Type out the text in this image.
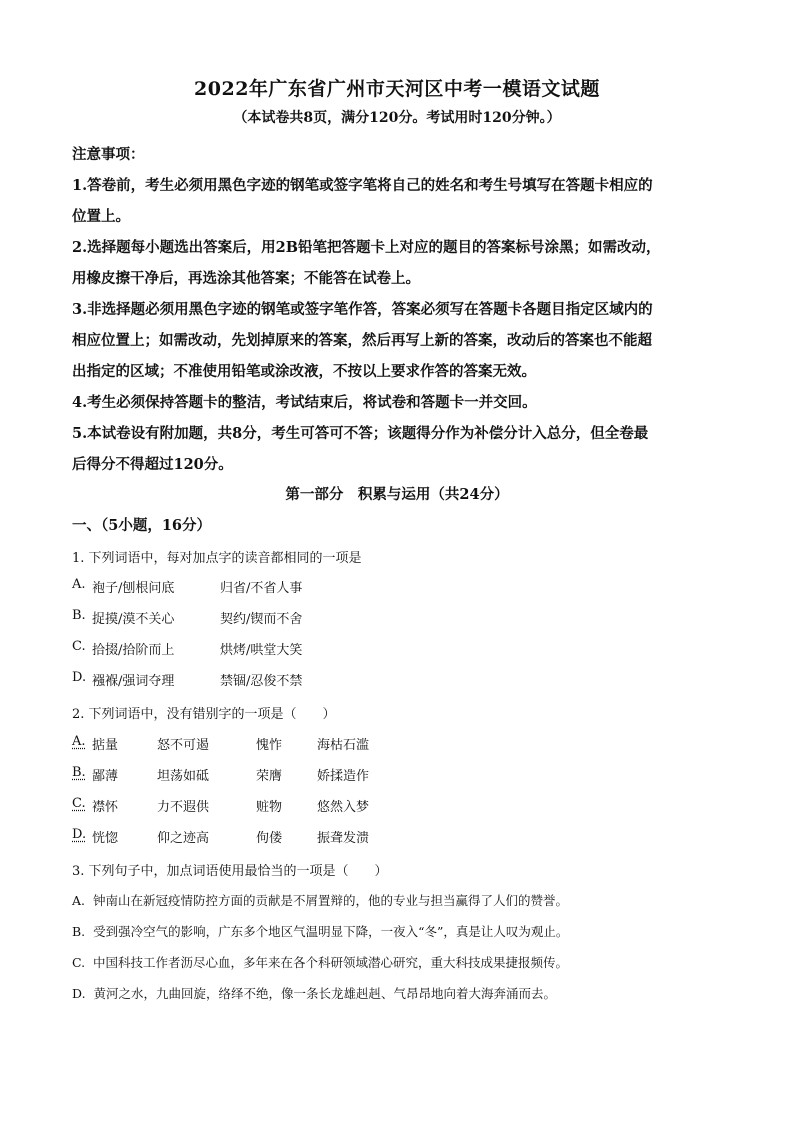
2022年广东省广州市天河区中考一模语文试题
（本试卷共8页，满分120分。考试用时120分钟。）

注意事项：

1.答卷前，考生必须用黑色字迹的钢笔或签字笔将自己的姓名和考生号填写在答题卡相应的

位置上。

2.选择题每小题选出答案后，用2B铅笔把答题卡上对应的题目的答案标号涂黑；如需改动，

用橡皮擦干净后，再选涂其他答案；不能答在试卷上。

3.非选择题必须用黑色字迹的钢笔或签字笔作答，答案必须写在答题卡各题目指定区域内的

相应位置上；如需改动，先划掉原来的答案，然后再写上新的答案，改动后的答案也不能超

出指定的区域；不准使用铅笔或涂改液，不按以上要求作答的答案无效。

4.考生必须保持答题卡的整洁，考试结束后，将试卷和答题卡一并交回。

5.本试卷设有附加题，共8分，考生可答可不答；该题得分作为补偿分计入总分，但全卷最

后得分不得超过120分。

第一部分　积累与运用（共24分）
一、（5小题，16分）
1. 下列词语中，每对加点字的读音都相同的一项是
A. 袍子/刨根问底	归省/不省人事
B. 捉摸/漠不关心	契约/锲而不舍
C. 拾掇/拾阶而上	烘烤/哄堂大笑
D. 襁褓/强词夺理	禁锢/忍俊不禁
2. 下列词语中，没有错别字的一项是（　　）
A. 掂量	怒不可遏	愧怍	海枯石滥
B. 鄙薄	坦荡如砥	荣膺	娇揉造作
C. 襟怀	力不遐供	赃物	悠然入梦
D. 恍惚	仰之迹高	佝偻	振聋发溃
3. 下列句子中，加点词语使用最恰当的一项是（　　）
A. 钟南山在新冠疫情防控方面的贡献是不屑置辩的，他的专业与担当赢得了人们的赞誉。
B. 受到强冷空气的影响，广东多个地区气温明显下降，一夜入“冬”，真是让人叹为观止。
C. 中国科技工作者沥尽心血，多年来在各个科研领域潜心研究，重大科技成果捷报频传。
D. 黄河之水，九曲回旋，络绎不绝，像一条长龙雄赳赳、气昂昂地向着大海奔涌而去。
